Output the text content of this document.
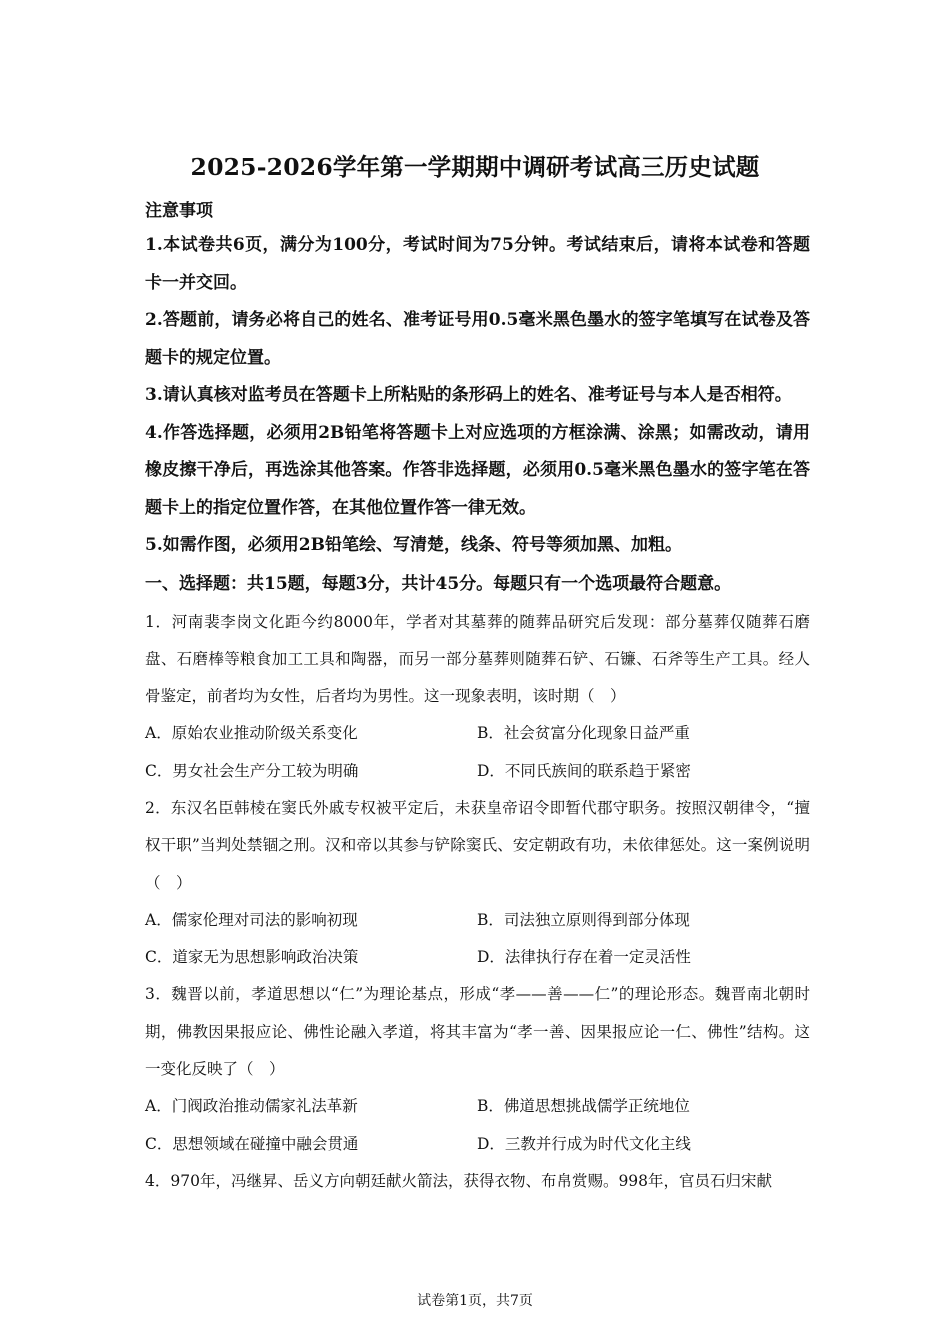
2025-2026学年第一学期期中调研考试高三历史试题
注意事项
1.本试卷共6页，满分为100分，考试时间为75分钟。考试结束后，请将本试卷和答题卡一并交回。
2.答题前，请务必将自己的姓名、准考证号用0.5毫米黑色墨水的签字笔填写在试卷及答题卡的规定位置。
3.请认真核对监考员在答题卡上所粘贴的条形码上的姓名、准考证号与本人是否相符。
4.作答选择题，必须用2B铅笔将答题卡上对应选项的方框涂满、涂黑；如需改动，请用橡皮擦干净后，再选涂其他答案。作答非选择题，必须用0.5毫米黑色墨水的签字笔在答题卡上的指定位置作答，在其他位置作答一律无效。
5.如需作图，必须用2B铅笔绘、写清楚，线条、符号等须加黑、加粗。
一、选择题：共15题，每题3分，共计45分。每题只有一个选项最符合题意。
1．河南裴李岗文化距今约8000年，学者对其墓葬的随葬品研究后发现：部分墓葬仅随葬石磨盘、石磨棒等粮食加工工具和陶器，而另一部分墓葬则随葬石铲、石镰、石斧等生产工具。经人骨鉴定，前者均为女性，后者均为男性。这一现象表明，该时期（　）
A．原始农业推动阶级关系变化	B．社会贫富分化现象日益严重
C．男女社会生产分工较为明确	D．不同氏族间的联系趋于紧密
2．东汉名臣韩棱在窦氏外戚专权被平定后，未获皇帝诏令即暂代郡守职务。按照汉朝律令，“擅权干职”当判处禁锢之刑。汉和帝以其参与铲除窦氏、安定朝政有功，未依律惩处。这一案例说明（　）
A．儒家伦理对司法的影响初现	B．司法独立原则得到部分体现
C．道家无为思想影响政治决策	D．法律执行存在着一定灵活性
3．魏晋以前，孝道思想以“仁”为理论基点，形成“孝——善——仁”的理论形态。魏晋南北朝时期，佛教因果报应论、佛性论融入孝道，将其丰富为“孝一善、因果报应论一仁、佛性”结构。这一变化反映了（　）
A．门阀政治推动儒家礼法革新	B．佛道思想挑战儒学正统地位
C．思想领域在碰撞中融会贯通	D．三教并行成为时代文化主线
4．970年，冯继昇、岳义方向朝廷献火箭法，获得衣物、布帛赏赐。998年，官员石归宋献
试卷第1页，共7页
